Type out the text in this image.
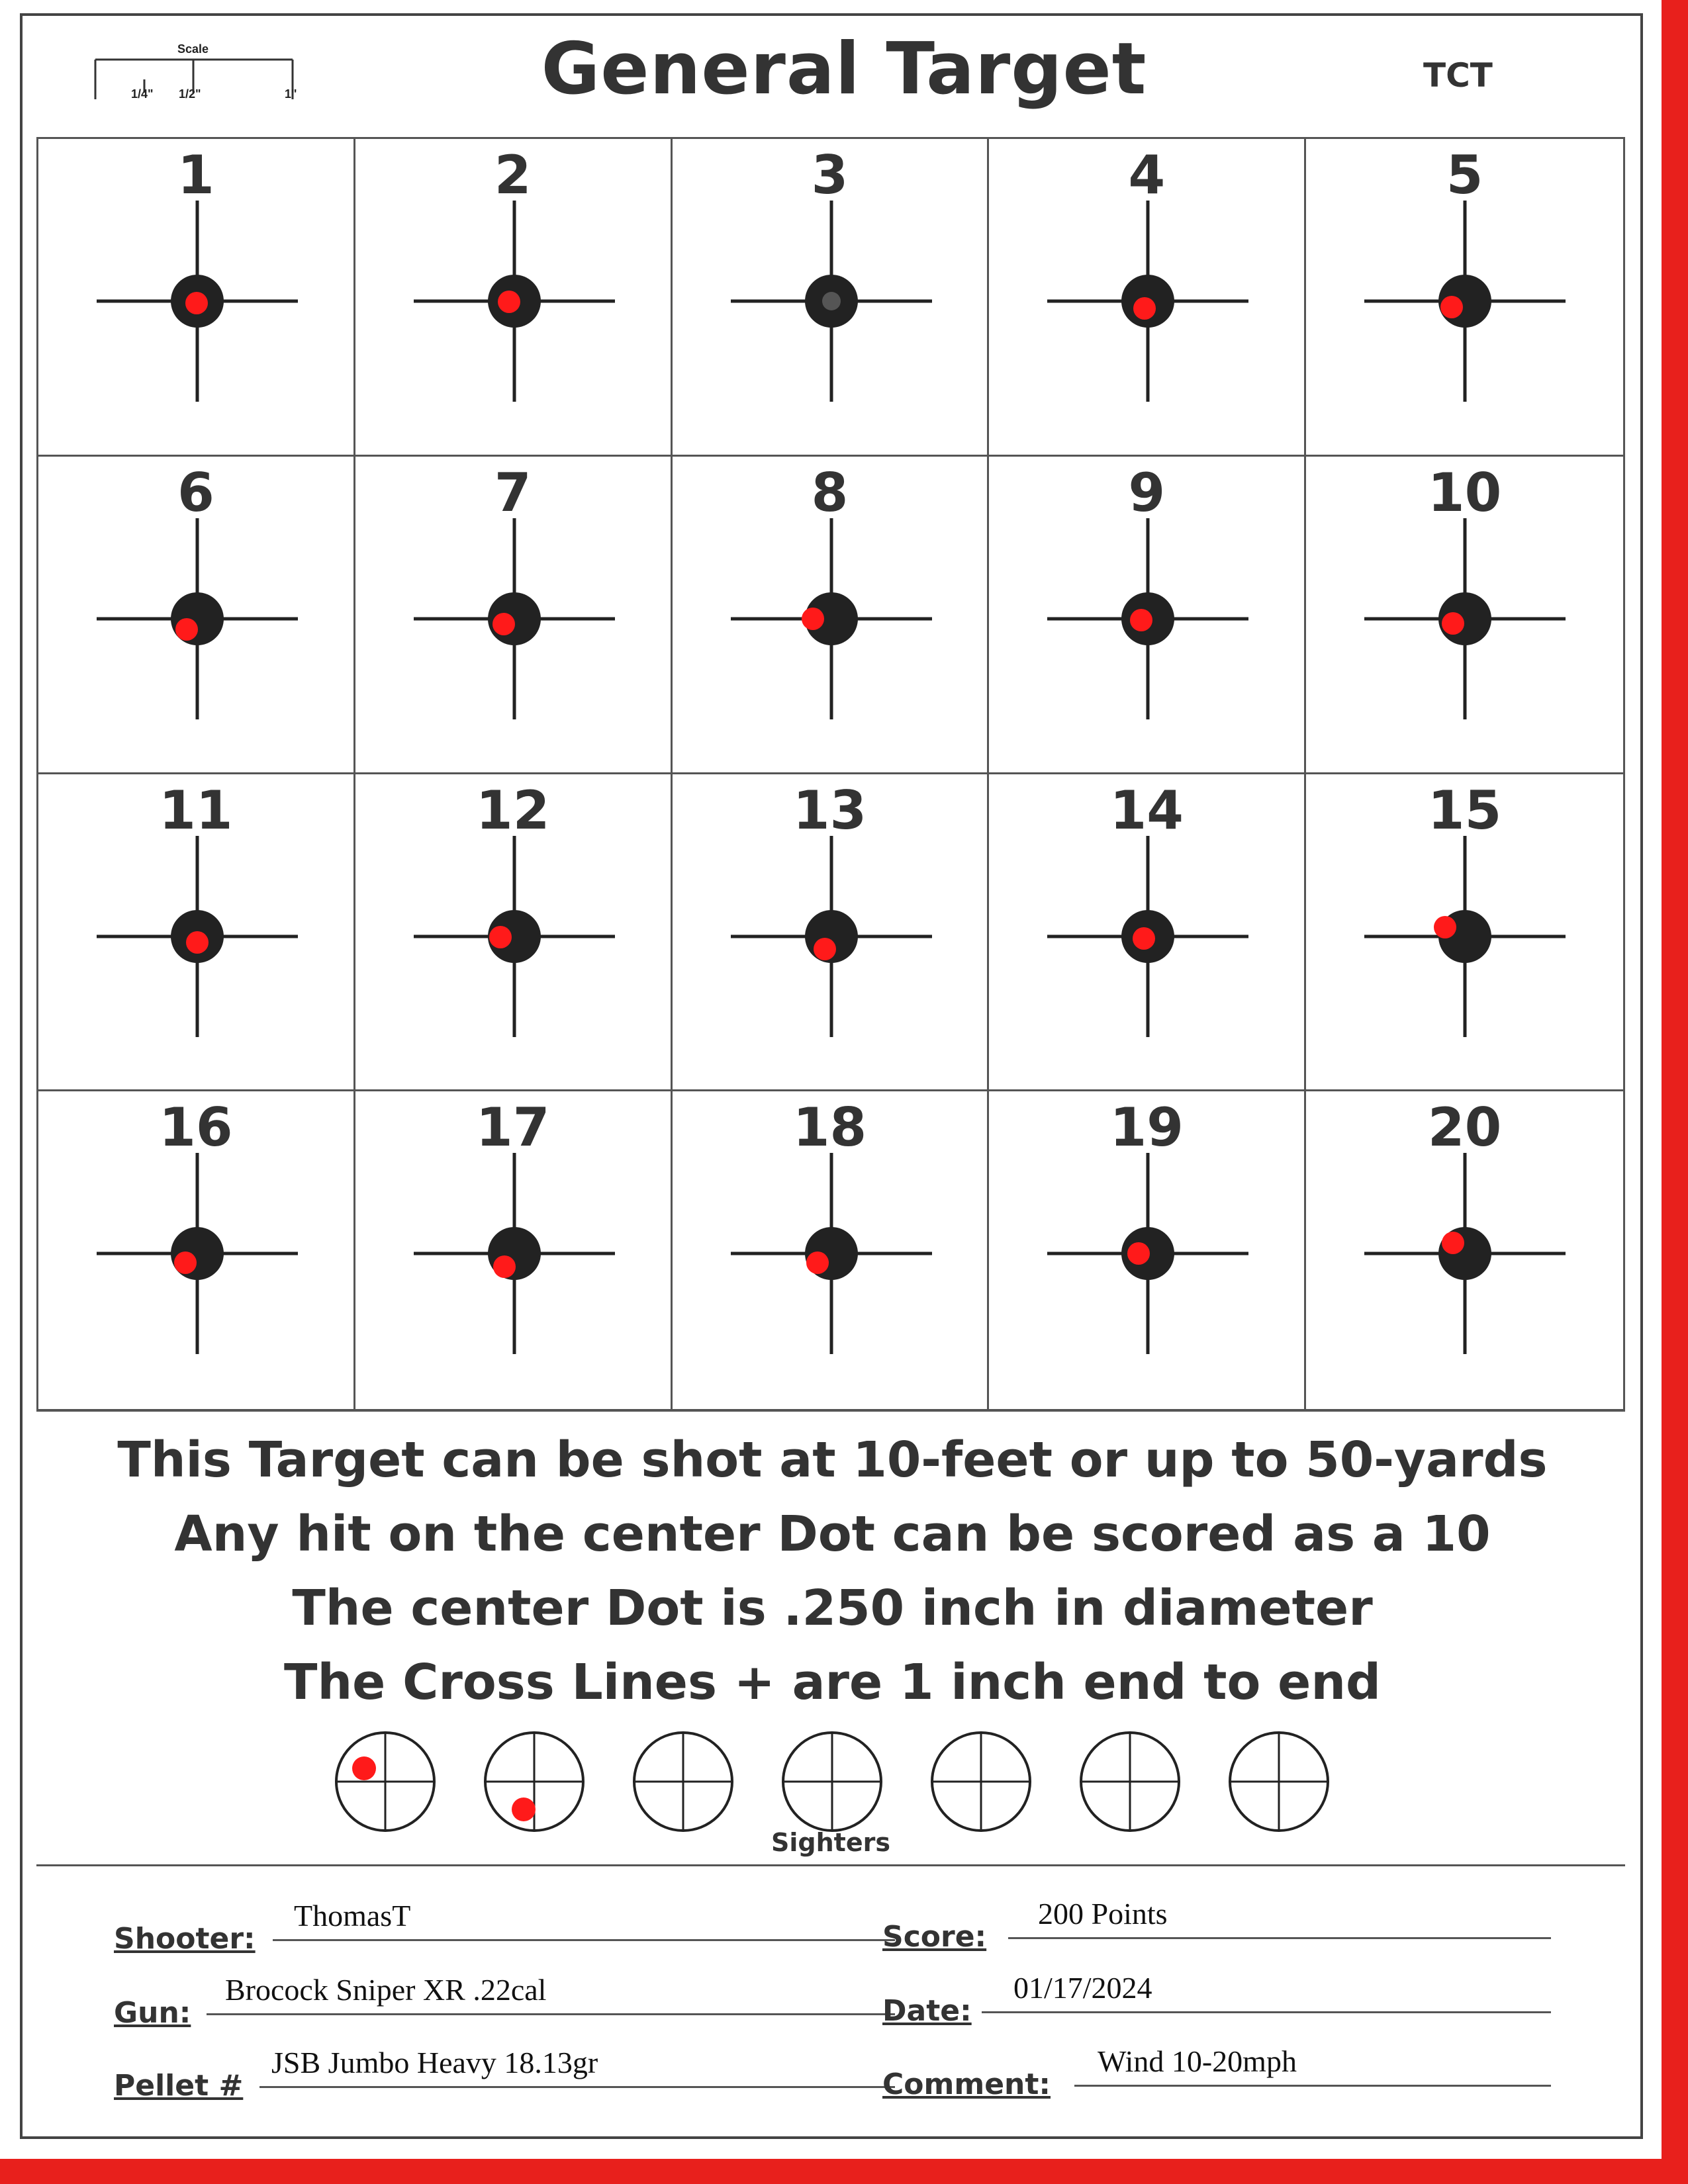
Scale
1/4" 1/2"	1"	General Target	TCT
1	2	3	4	5
6	7	8	9	10
11	12	13	14	15
16	17	18	19	20
This Target can be shot at 10-feet or up to 50-yards
Any hit on the center Dot can be scored as a 10
The center Dot is .250 inch in diameter
The Cross Lines + are 1 inch end to end
Sighters
Shooter:
ThomasT
Gun:
Brocock Sniper XR .22cal
Pellet #
JSB Jumbo Heavy 18.13gr
Score:
200 Points
Date:
01/17/2024
Comment:
Wind 10-20mph
